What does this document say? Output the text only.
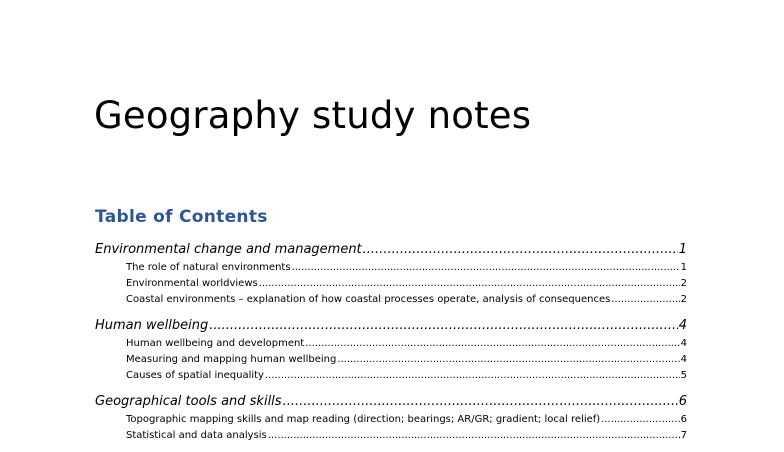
Geography study notes
Table of Contents
Environmental change and management .....	1
The role of natural environments .....	1
Environmental worldviews .....	2
Coastal environments – explanation of how coastal processes operate, analysis of consequences .....	2
Human wellbeing .....	4
Human wellbeing and development .....	4
Measuring and mapping human wellbeing .....	4
Causes of spatial inequality .....	5
Geographical tools and skills .....	6
Topographic mapping skills and map reading (direction; bearings; AR/GR; gradient; local relief) .....	6
Statistical and data analysis .....	7
